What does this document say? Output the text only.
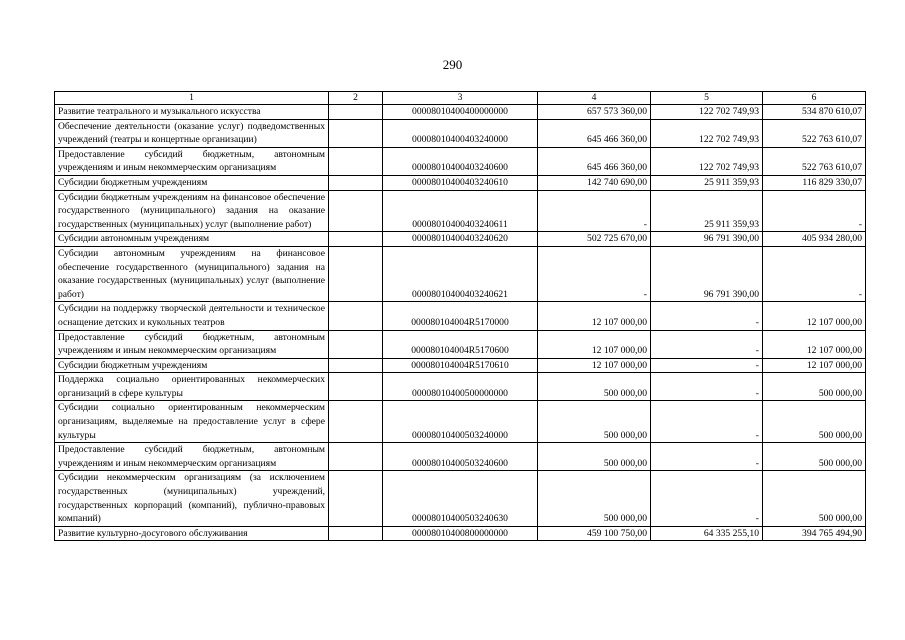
290
1	2	3	4	5	6
Развитие театрального и музыкального искусства		00008010400400000000	657 573 360,00	122 702 749,93	534 870 610,07
Обеспечение деятельности (оказание услуг) подведомственных учреждений (театры и концертные организации)		00008010400403240000	645 466 360,00	122 702 749,93	522 763 610,07
Предоставление субсидий бюджетным, автономным учреждениям и иным некоммерческим организациям		00008010400403240600	645 466 360,00	122 702 749,93	522 763 610,07
Субсидии бюджетным учреждениям		00008010400403240610	142 740 690,00	25 911 359,93	116 829 330,07
Субсидии бюджетным учреждениям на финансовое обеспечение государственного (муниципального) задания на оказание государственных (муниципальных) услуг (выполнение работ)		00008010400403240611	-	25 911 359,93	-
Субсидии автономным учреждениям		00008010400403240620	502 725 670,00	96 791 390,00	405 934 280,00
Субсидии автономным учреждениям на финансовое обеспечение государственного (муниципального) задания на оказание государственных (муниципальных) услуг (выполнение работ)		00008010400403240621	-	96 791 390,00	-
Субсидии на поддержку творческой деятельности и техническое оснащение детских и кукольных театров		000080104004R5170000	12 107 000,00	-	12 107 000,00
Предоставление субсидий бюджетным, автономным учреждениям и иным некоммерческим организациям		000080104004R5170600	12 107 000,00	-	12 107 000,00
Субсидии бюджетным учреждениям		000080104004R5170610	12 107 000,00	-	12 107 000,00
Поддержка социально ориентированных некоммерческих организаций в сфере культуры		00008010400500000000	500 000,00	-	500 000,00
Субсидии социально ориентированным некоммерческим организациям, выделяемые на предоставление услуг в сфере культуры		00008010400503240000	500 000,00	-	500 000,00
Предоставление субсидий бюджетным, автономным учреждениям и иным некоммерческим организациям		00008010400503240600	500 000,00	-	500 000,00
Субсидии некоммерческим организациям (за исключением государственных (муниципальных) учреждений, государственных корпораций (компаний), публично-правовых компаний)		00008010400503240630	500 000,00	-	500 000,00
Развитие культурно-досугового обслуживания		00008010400800000000	459 100 750,00	64 335 255,10	394 765 494,90
